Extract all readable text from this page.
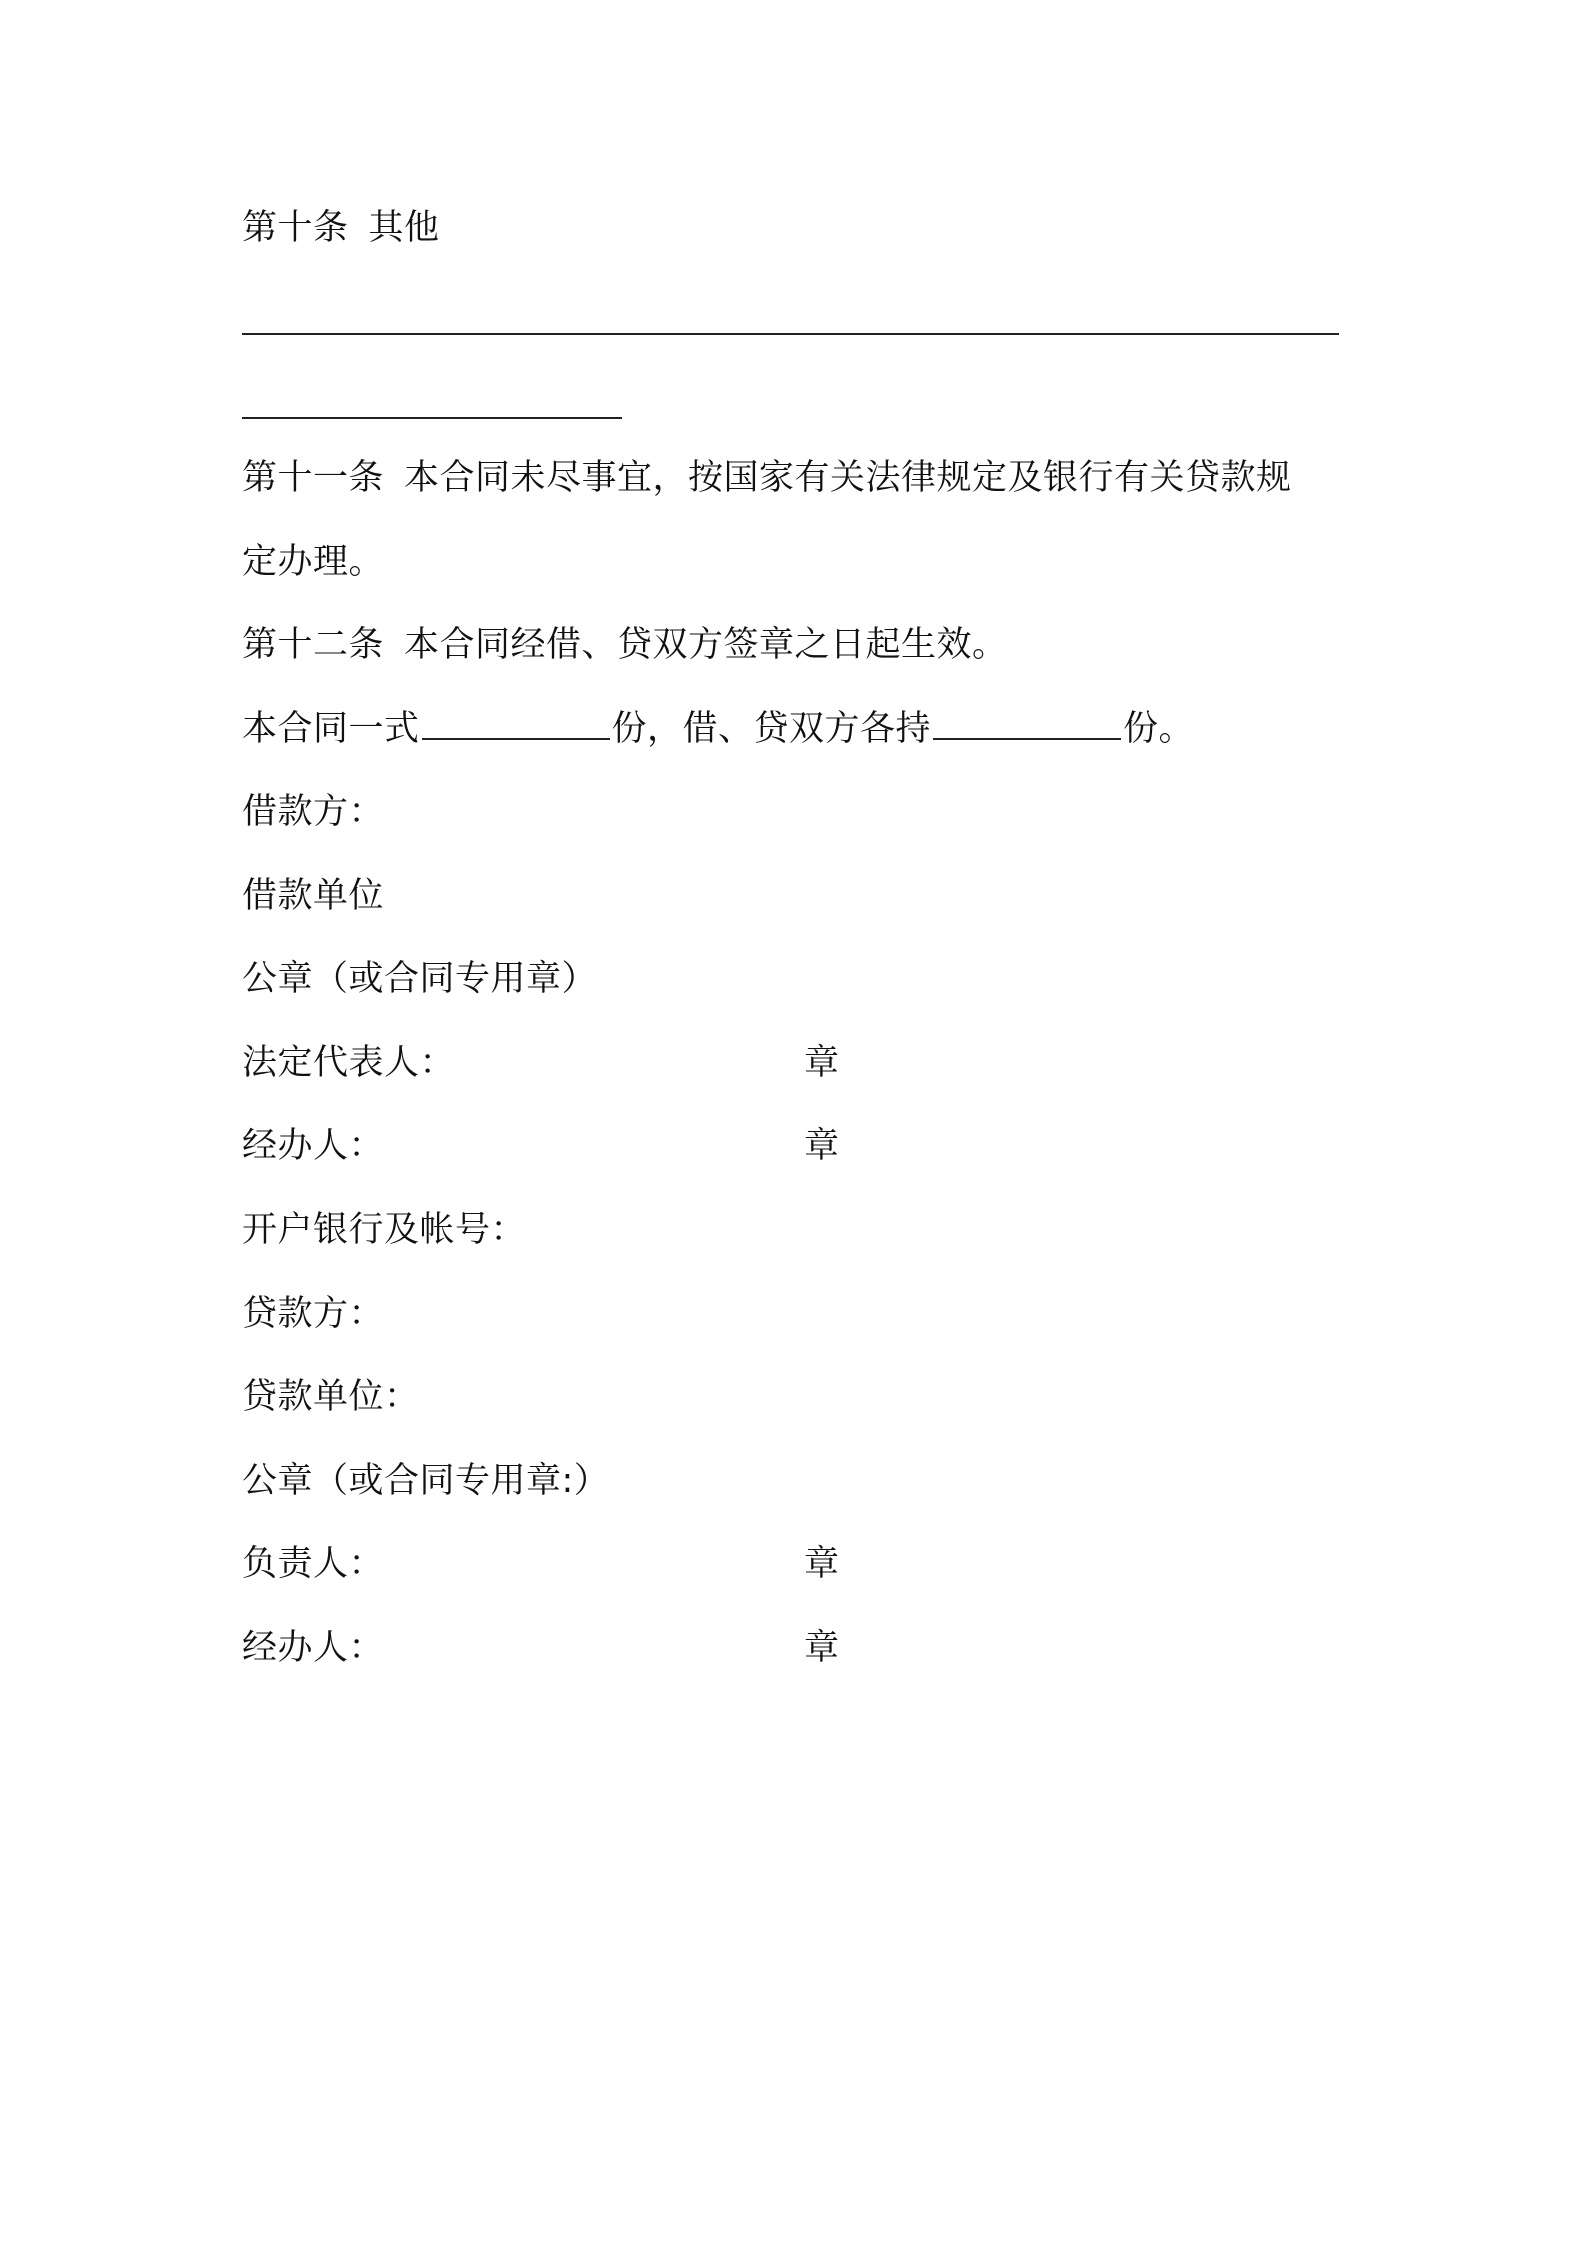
第十条 其他
第十一条 本合同未尽事宜，按国家有关法律规定及银行有关贷款规
定办理。
第十二条 本合同经借、贷双方签章之日起生效。
本合同一式	份，借、贷双方各持	份。
借款方：
借款单位
公章（或合同专用章）
法定代表人：	章
经办人：	章
开户银行及帐号：
贷款方：
贷款单位：
公章（或合同专用章:）
负责人：	章
经办人：	章
